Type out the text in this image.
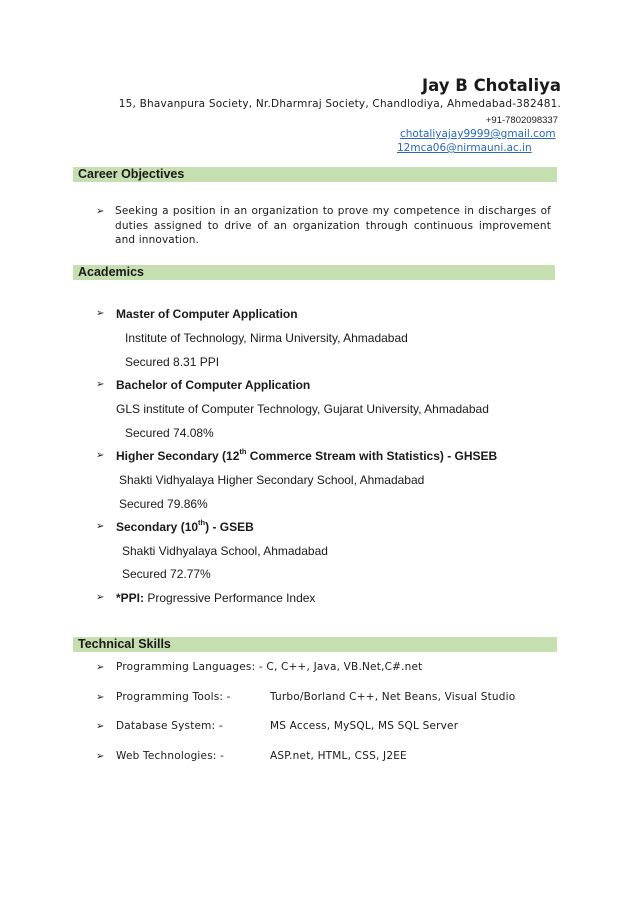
Jay B Chotaliya
15, Bhavanpura Society, Nr.Dharmraj Society, Chandlodiya, Ahmedabad-382481.
+91-7802098337
chotaliyajay9999@gmail.com
12mca06@nirmauni.ac.in
Career Objectives
➢ Seeking a position in an organization to prove my competence in discharges of duties assigned to drive of an organization through continuous improvement and innovation.
Academics
➢ Master of Computer Application
Institute of Technology, Nirma University, Ahmadabad
Secured 8.31 PPI
➢ Bachelor of Computer Application
GLS institute of Computer Technology, Gujarat University, Ahmadabad
Secured 74.08%
➢ Higher Secondary (12th Commerce Stream with Statistics) - GHSEB
Shakti Vidhyalaya Higher Secondary School, Ahmadabad
Secured 79.86%
➢ Secondary (10th) - GSEB
Shakti Vidhyalaya School, Ahmadabad
Secured 72.77%
➢ *PPI: Progressive Performance Index
Technical Skills
➢ Programming Languages: - C, C++, Java, VB.Net,C#.net
➢ Programming Tools: -	Turbo/Borland C++, Net Beans, Visual Studio
➢ Database System: -	MS Access, MySQL, MS SQL Server
➢ Web Technologies: -	ASP.net, HTML, CSS, J2EE
